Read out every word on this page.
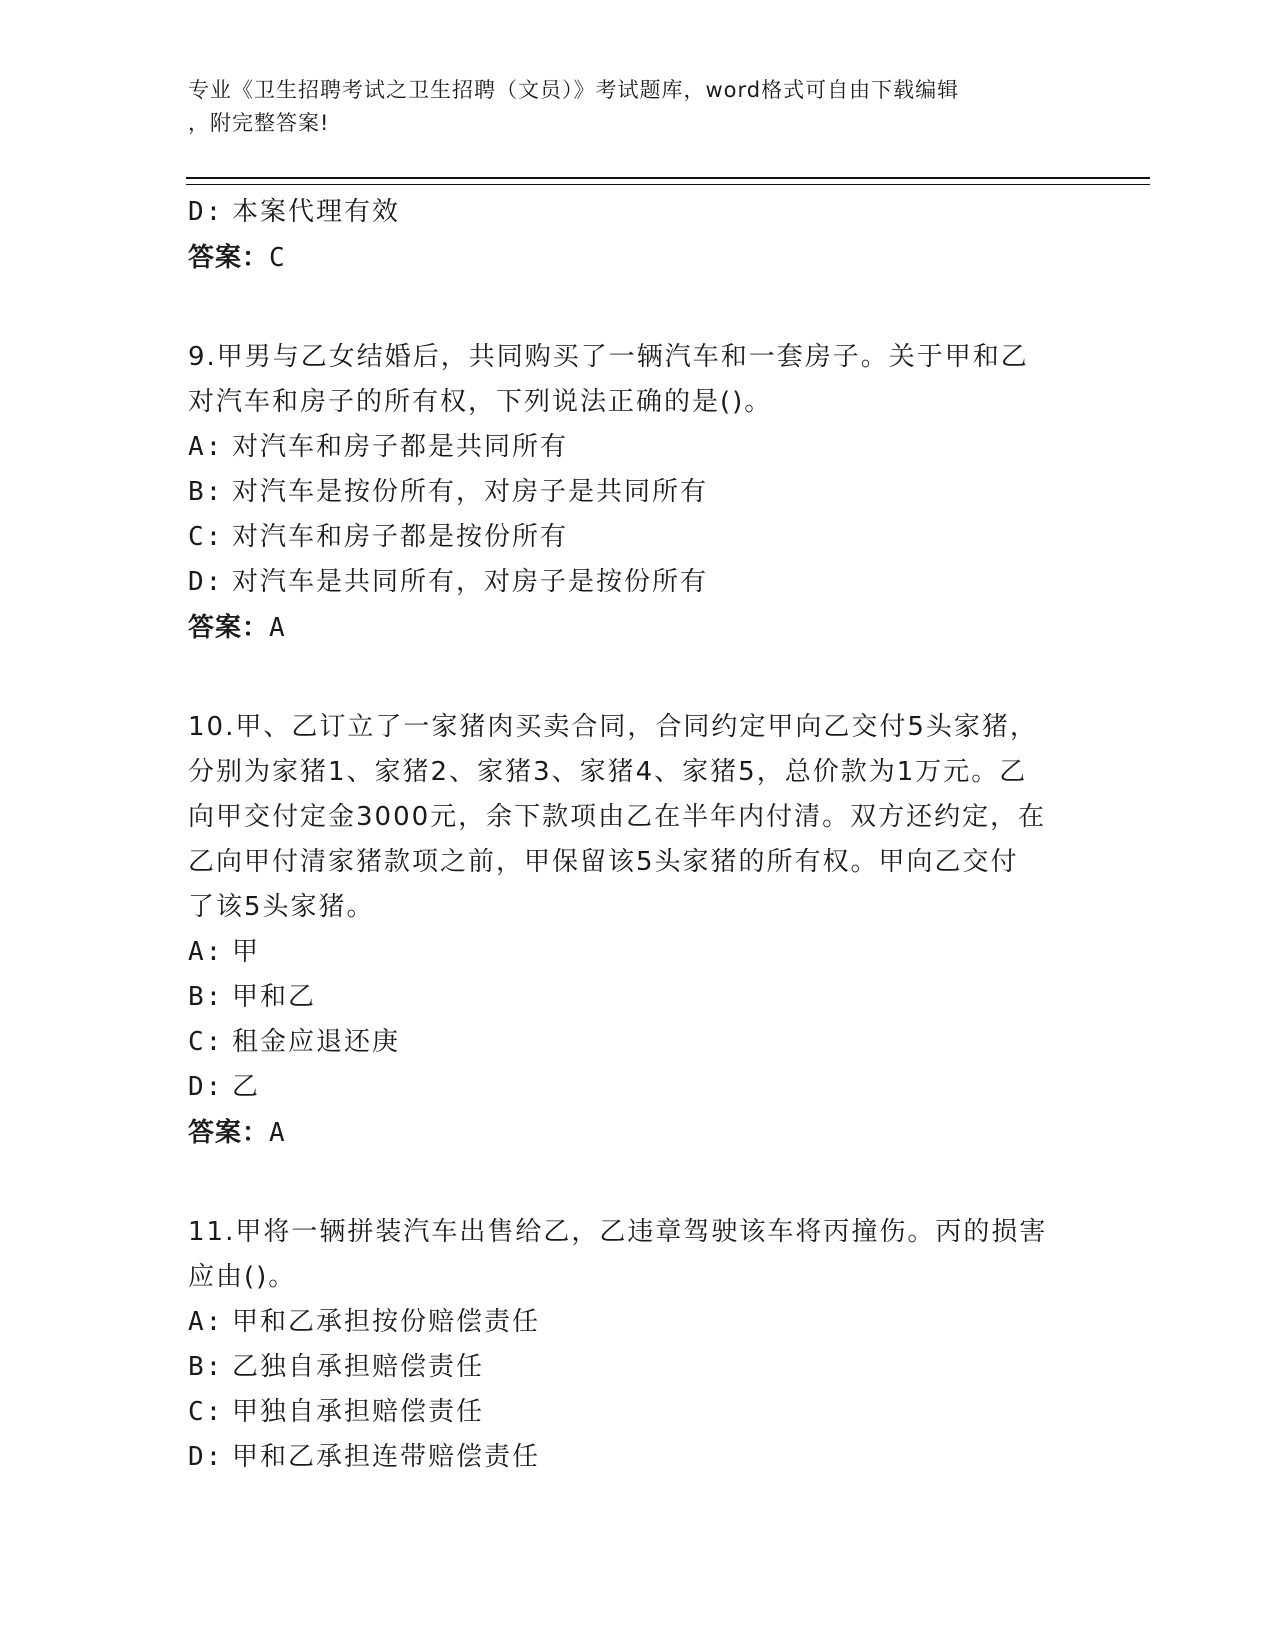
专业《卫生招聘考试之卫生招聘（文员）》考试题库，word格式可自由下载编辑
，附完整答案!
D: 本案代理有效
答案：C
9.甲男与乙女结婚后，共同购买了一辆汽车和一套房子。关于甲和乙
对汽车和房子的所有权，下列说法正确的是()。
A: 对汽车和房子都是共同所有
B: 对汽车是按份所有，对房子是共同所有
C: 对汽车和房子都是按份所有
D: 对汽车是共同所有，对房子是按份所有
答案：A
10.甲、乙订立了一家猪肉买卖合同，合同约定甲向乙交付5头家猪，
分别为家猪1、家猪2、家猪3、家猪4、家猪5，总价款为1万元。乙
向甲交付定金3000元，余下款项由乙在半年内付清。双方还约定，在
乙向甲付清家猪款项之前，甲保留该5头家猪的所有权。甲向乙交付
了该5头家猪。
A: 甲
B: 甲和乙
C: 租金应退还庚
D: 乙
答案：A
11.甲将一辆拼装汽车出售给乙，乙违章驾驶该车将丙撞伤。丙的损害
应由()。
A: 甲和乙承担按份赔偿责任
B: 乙独自承担赔偿责任
C: 甲独自承担赔偿责任
D: 甲和乙承担连带赔偿责任
